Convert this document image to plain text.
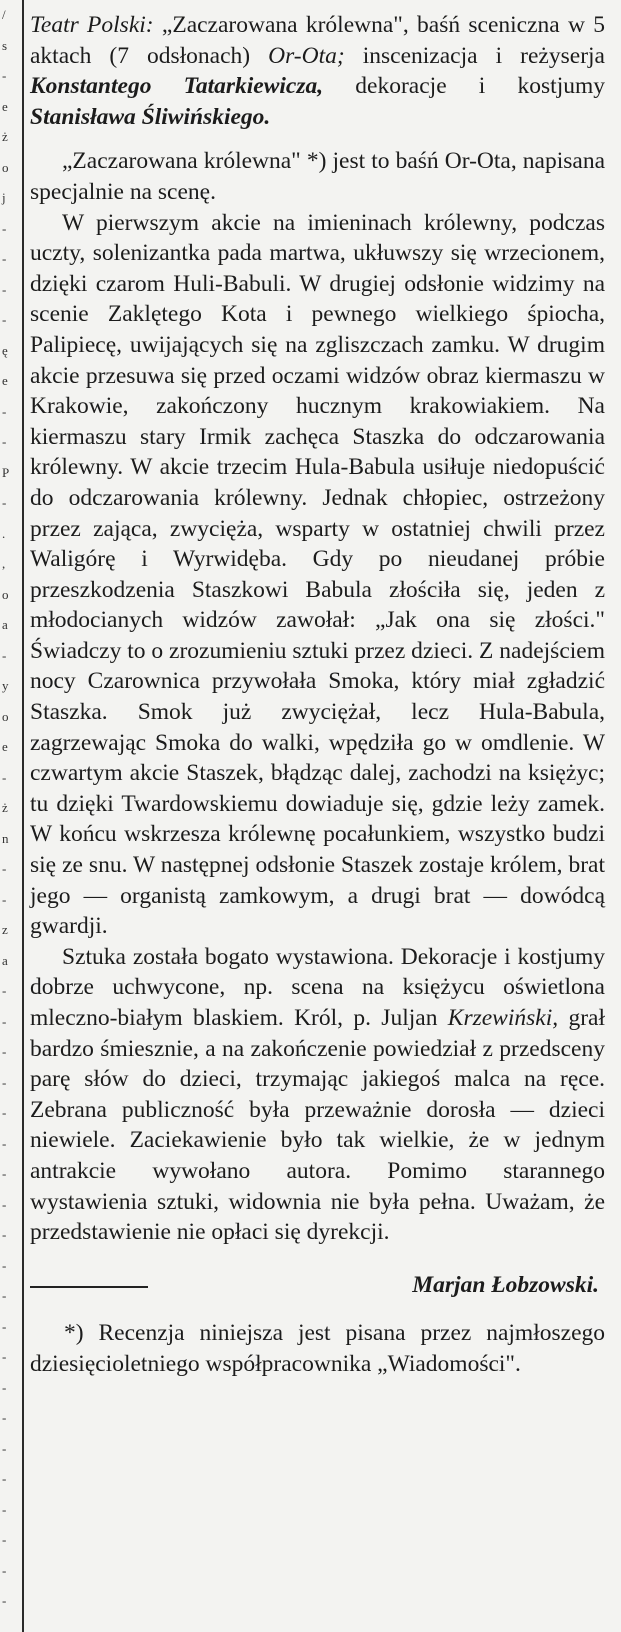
/
s
-
e
ż
o
j
-
-
-
-
ę
e
-
-
P
-
.
,
o
a
-
y
o
e
-
ż
n
-
-
z
a
-
-
-
-
-
-
-
-
-
-
-
-
-
-
-
-
-
-
-
-
-

Teatr Polski: „Zaczarowana królewna", baśń sceniczna w 5 aktach (7 odsłonach) Or-Ota; inscenizacja i reżyserja Konstantego Tatarkiewicza, dekoracje i kostjumy Stanisława Śliwińskiego.

„Zaczarowana królewna" *) jest to baśń Or-Ota, napisana specjalnie na scenę.

W pierwszym akcie na imieninach królewny, podczas uczty, solenizantka pada martwa, ukłuwszy się wrzecionem, dzięki czarom Huli-Babuli. W drugiej odsłonie widzimy na scenie Zaklętego Kota i pewnego wielkiego śpiocha, Palipiecę, uwijających się na zgliszczach zamku. W drugim akcie przesuwa się przed oczami widzów obraz kiermaszu w Krakowie, zakończony hucznym krakowiakiem. Na kiermaszu stary Irmik zachęca Staszka do odczarowania królewny. W akcie trzecim Hula-Babula usiłuje niedopuścić do odczarowania królewny. Jednak chłopiec, ostrzeżony przez zająca, zwycięża, wsparty w ostatniej chwili przez Waligórę i Wyrwidęba. Gdy po nieudanej próbie przeszkodzenia Staszkowi Babula złościła się, jeden z młodocianych widzów zawołał: „Jak ona się złości." Świadczy to o zrozumieniu sztuki przez dzieci. Z nadejściem nocy Czarownica przywołała Smoka, który miał zgładzić Staszka. Smok już zwyciężał, lecz Hula-Babula, zagrzewając Smoka do walki, wpędziła go w omdlenie. W czwartym akcie Staszek, błądząc dalej, zachodzi na księżyc; tu dzięki Twardowskiemu dowiaduje się, gdzie leży zamek. W końcu wskrzesza królewnę pocałunkiem, wszystko budzi się ze snu. W następnej odsłonie Staszek zostaje królem, brat jego — organistą zamkowym, a drugi brat — dowódcą gwardji.

Sztuka została bogato wystawiona. Dekoracje i kostjumy dobrze uchwycone, np. scena na księżycu oświetlona mleczno-białym blaskiem. Król, p. Juljan Krzewiński, grał bardzo śmiesznie, a na zakończenie powiedział z przedsceny parę słów do dzieci, trzymając jakiegoś malca na ręce. Zebrana publiczność była przeważnie dorosła — dzieci niewiele. Zaciekawienie było tak wielkie, że w jednym antrakcie wywołano autora. Pomimo starannego wystawienia sztuki, widownia nie była pełna. Uważam, że przedstawienie nie opłaci się dyrekcji.

Marjan Łobzowski.

*) Recenzja niniejsza jest pisana przez najmłoszego dziesięcioletniego współpracownika „Wiadomości".
